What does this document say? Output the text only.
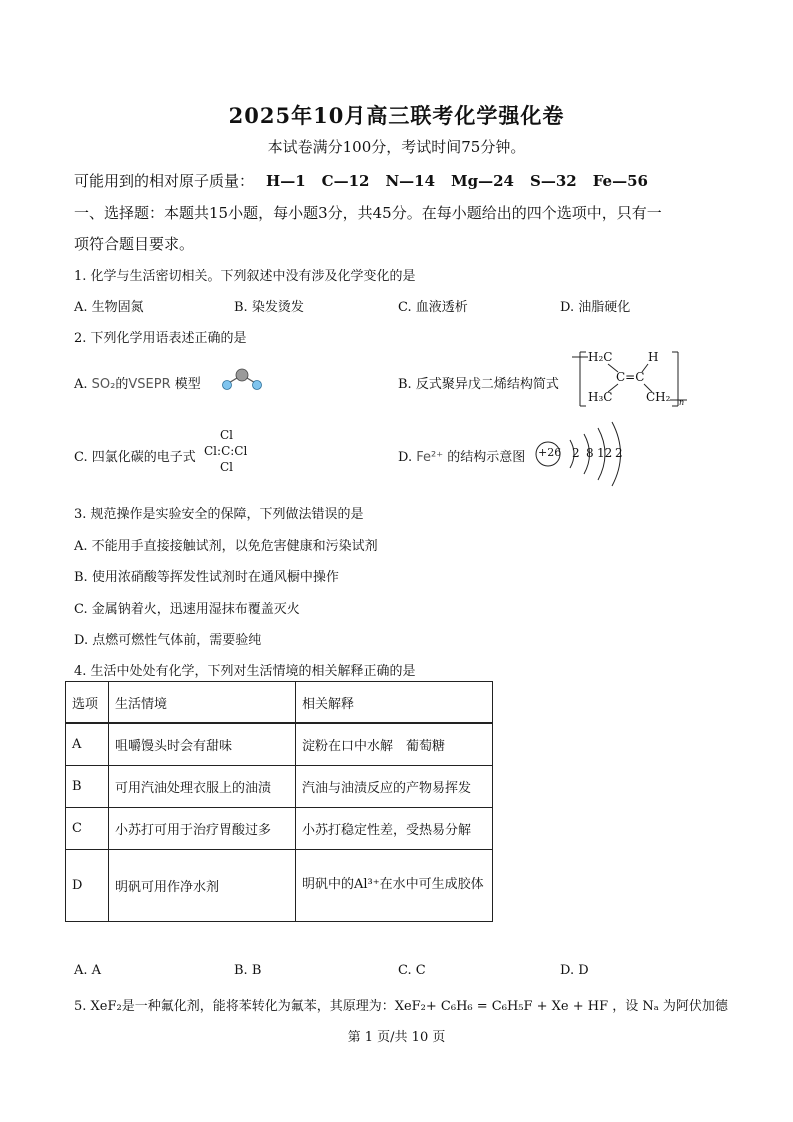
2025年10月高三联考化学强化卷
本试卷满分100分，考试时间75分钟。
可能用到的相对原子质量： H—1 C—12 N—14 Mg—24 S—32 Fe—56
一、选择题：本题共15小题，每小题3分，共45分。在每小题给出的四个选项中，只有一
项符合题目要求。
1. 化学与生活密切相关。下列叙述中没有涉及化学变化的是
A. 生物固氮	B. 染发烫发	C. 血液透析	D. 油脂硬化
2. 下列化学用语表述正确的是
A. SO₂的VSEPR 模型	B. 反式聚异戊二烯结构简式
H₂C	H
C=C
H₃C	CH₂ n
C. 四氯化碳的电子式
Cl
Cl:C:Cl
Cl
D. Fe²⁺ 的结构示意图 +26 2 8 12 2
3. 规范操作是实验安全的保障，下列做法错误的是
A. 不能用手直接接触试剂，以免危害健康和污染试剂
B. 使用浓硝酸等挥发性试剂时在通风橱中操作
C. 金属钠着火，迅速用湿抹布覆盖灭火
D. 点燃可燃性气体前，需要验纯
4. 生活中处处有化学，下列对生活情境的相关解释正确的是
选项	生活情境	相关解释
A	咀嚼馒头时会有甜味	淀粉在口中水解　葡萄糖
B	可用汽油处理衣服上的油渍	汽油与油渍反应的产物易挥发
C	小苏打可用于治疗胃酸过多	小苏打稳定性差，受热易分解
D	明矾可用作净水剂	明矾中的Al³⁺在水中可生成胶体
A. A	B. B	C. C	D. D
5. XeF₂是一种氟化剂，能将苯转化为氟苯，其原理为：XeF₂+ C₆H₆ = C₆H₅F + Xe + HF ，设 Nₐ 为阿伏加德
第 1 页/共 10 页
